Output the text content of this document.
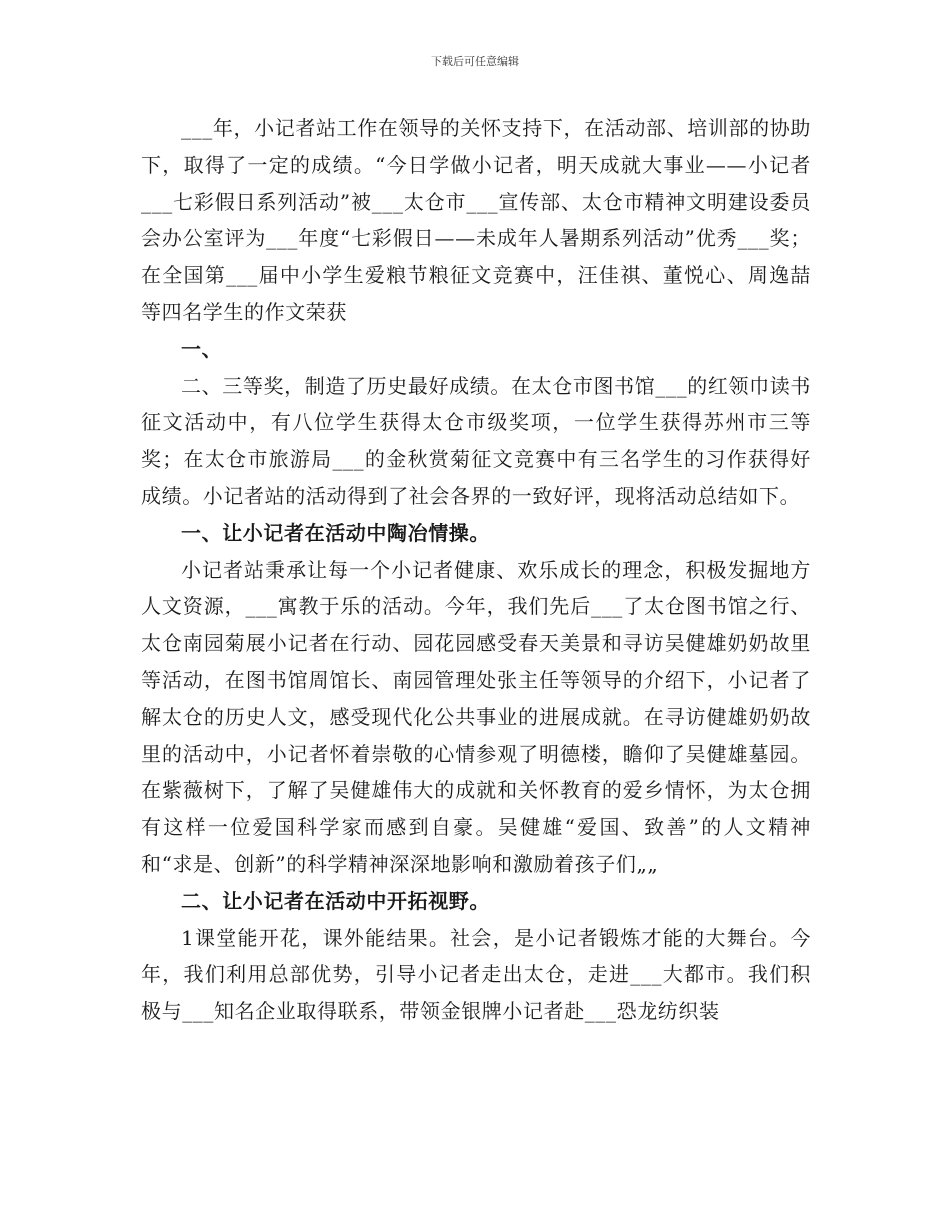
下载后可任意编辑

___年，小记者站工作在领导的关怀支持下，在活动部、培训部的协助下，取得了一定的成绩。“今日学做小记者，明天成就大事业——小记者___七彩假日系列活动”被___太仓市___宣传部、太仓市精神文明建设委员会办公室评为___年度“七彩假日——未成年人暑期系列活动”优秀___奖；在全国第___届中小学生爱粮节粮征文竞赛中，汪佳祺、董悦心、周逸喆等四名学生的作文荣获

一、

二、三等奖，制造了历史最好成绩。在太仓市图书馆___的红领巾读书征文活动中，有八位学生获得太仓市级奖项，一位学生获得苏州市三等奖；在太仓市旅游局___的金秋赏菊征文竞赛中有三名学生的习作获得好成绩。小记者站的活动得到了社会各界的一致好评，现将活动总结如下。

一、让小记者在活动中陶冶情操。

小记者站秉承让每一个小记者健康、欢乐成长的理念，积极发掘地方人文资源，___寓教于乐的活动。今年，我们先后___了太仓图书馆之行、太仓南园菊展小记者在行动、园花园感受春天美景和寻访吴健雄奶奶故里等活动，在图书馆周馆长、南园管理处张主任等领导的介绍下，小记者了解太仓的历史人文，感受现代化公共事业的进展成就。在寻访健雄奶奶故里的活动中，小记者怀着崇敬的心情参观了明德楼，瞻仰了吴健雄墓园。在紫薇树下，了解了吴健雄伟大的成就和关怀教育的爱乡情怀，为太仓拥有这样一位爱国科学家而感到自豪。吴健雄“爱国、致善”的人文精神和“求是、创新”的科学精神深深地影响和激励着孩子们„„

二、让小记者在活动中开拓视野。

1课堂能开花，课外能结果。社会，是小记者锻炼才能的大舞台。今年，我们利用总部优势，引导小记者走出太仓，走进___大都市。我们积极与___知名企业取得联系，带领金银牌小记者赴___恐龙纺织装
